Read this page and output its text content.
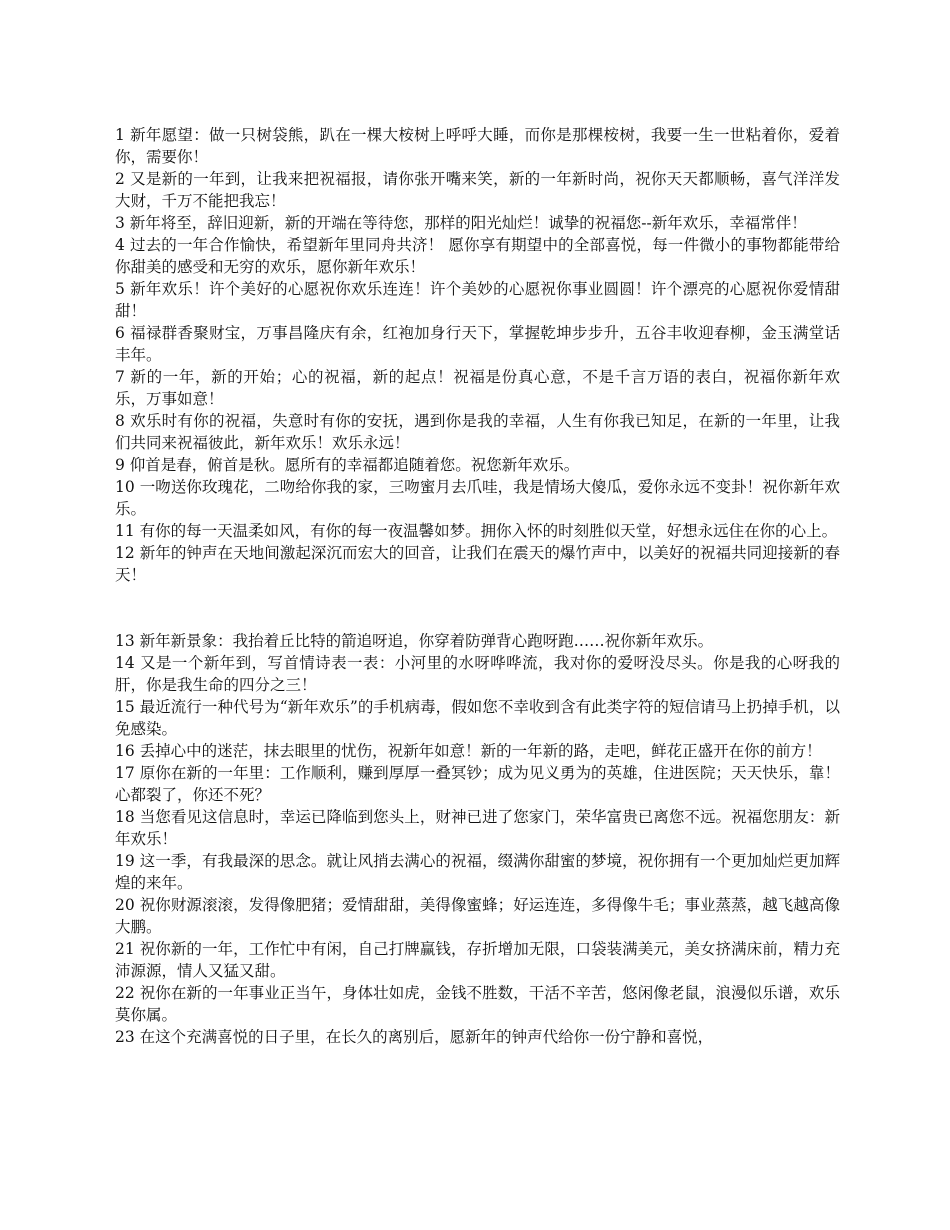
1 新年愿望：做一只树袋熊，趴在一棵大桉树上呼呼大睡，而你是那棵桉树，我要一生一世粘着你，爱着你，需要你！

2 又是新的一年到，让我来把祝福报，请你张开嘴来笑，新的一年新时尚，祝你天天都顺畅，喜气洋洋发大财，千万不能把我忘！

3 新年将至，辞旧迎新，新的开端在等待您，那样的阳光灿烂！诚挚的祝福您--新年欢乐，幸福常伴！

4 过去的一年合作愉快，希望新年里同舟共济！ 愿你享有期望中的全部喜悦，每一件微小的事物都能带给你甜美的感受和无穷的欢乐，愿你新年欢乐！

5 新年欢乐！许个美好的心愿祝你欢乐连连！许个美妙的心愿祝你事业圆圆！许个漂亮的心愿祝你爱情甜甜！

6 福禄群香聚财宝，万事昌隆庆有余，红袍加身行天下，掌握乾坤步步升，五谷丰收迎春柳，金玉满堂话丰年。

7 新的一年，新的开始；心的祝福，新的起点！祝福是份真心意，不是千言万语的表白，祝福你新年欢乐，万事如意！

8 欢乐时有你的祝福，失意时有你的安抚，遇到你是我的幸福，人生有你我已知足，在新的一年里，让我们共同来祝福彼此，新年欢乐！欢乐永远！

9 仰首是春，俯首是秋。愿所有的幸福都追随着您。祝您新年欢乐。

10 一吻送你玫瑰花，二吻给你我的家，三吻蜜月去爪哇，我是情场大傻瓜，爱你永远不变卦！祝你新年欢乐。

11 有你的每一天温柔如风，有你的每一夜温馨如梦。拥你入怀的时刻胜似天堂，好想永远住在你的心上。

12 新年的钟声在天地间激起深沉而宏大的回音，让我们在震天的爆竹声中，以美好的祝福共同迎接新的春天！

13 新年新景象：我抬着丘比特的箭追呀追，你穿着防弹背心跑呀跑……祝你新年欢乐。

14 又是一个新年到，写首情诗表一表：小河里的水呀哗哗流，我对你的爱呀没尽头。你是我的心呀我的肝，你是我生命的四分之三！

15 最近流行一种代号为“新年欢乐”的手机病毒，假如您不幸收到含有此类字符的短信请马上扔掉手机，以免感染。

16 丢掉心中的迷茫，抹去眼里的忧伤，祝新年如意！新的一年新的路，走吧，鲜花正盛开在你的前方！

17 原你在新的一年里：工作顺利，赚到厚厚一叠冥钞；成为见义勇为的英雄，住进医院；天天快乐，靠！心都裂了，你还不死？

18 当您看见这信息时，幸运已降临到您头上，财神已进了您家门，荣华富贵已离您不远。祝福您朋友：新年欢乐！

19 这一季，有我最深的思念。就让风捎去满心的祝福，缀满你甜蜜的梦境，祝你拥有一个更加灿烂更加辉煌的来年。

20 祝你财源滚滚，发得像肥猪；爱情甜甜，美得像蜜蜂；好运连连，多得像牛毛；事业蒸蒸，越飞越高像大鹏。

21 祝你新的一年，工作忙中有闲，自己打牌赢钱，存折增加无限，口袋装满美元，美女挤满床前，精力充沛源源，情人又猛又甜。

22 祝你在新的一年事业正当午，身体壮如虎，金钱不胜数，干活不辛苦，悠闲像老鼠，浪漫似乐谱，欢乐莫你属。

23 在这个充满喜悦的日子里，在长久的离别后，愿新年的钟声代给你一份宁静和喜悦，
